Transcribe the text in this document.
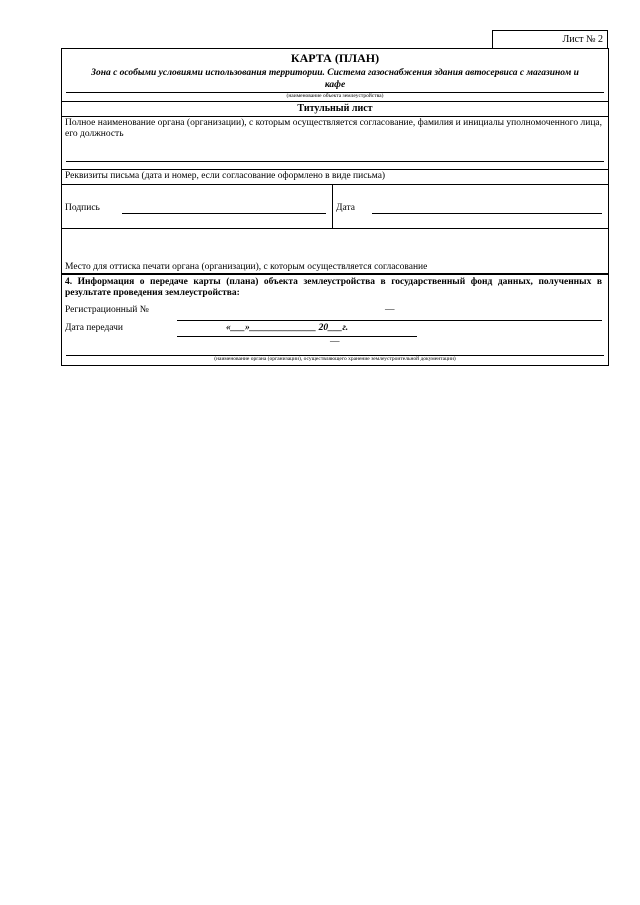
Лист № 2
КАРТА (ПЛАН)
Зона с особыми условиями использования территории. Система газоснабжения здания автосервиса с магазином и кафе
(наименование объекта землеустройства)
Титульный лист
Полное наименование органа (организации), с которым осуществляется согласование, фамилия и инициалы уполномоченного лица, его должность
Реквизиты письма (дата и номер, если согласование оформлено в виде письма)
Подпись	Дата
Место для оттиска печати органа (организации), с которым осуществляется согласование
4. Информация о передаче карты (плана) объекта землеустройства в государственный фонд данных, полученных в результате проведения землеустройства:
Регистрационный №	—
Дата передачи	«___»______________ 20___г.
—
(наименование органа (организации), осуществляющего хранение землеустроительной документации)
